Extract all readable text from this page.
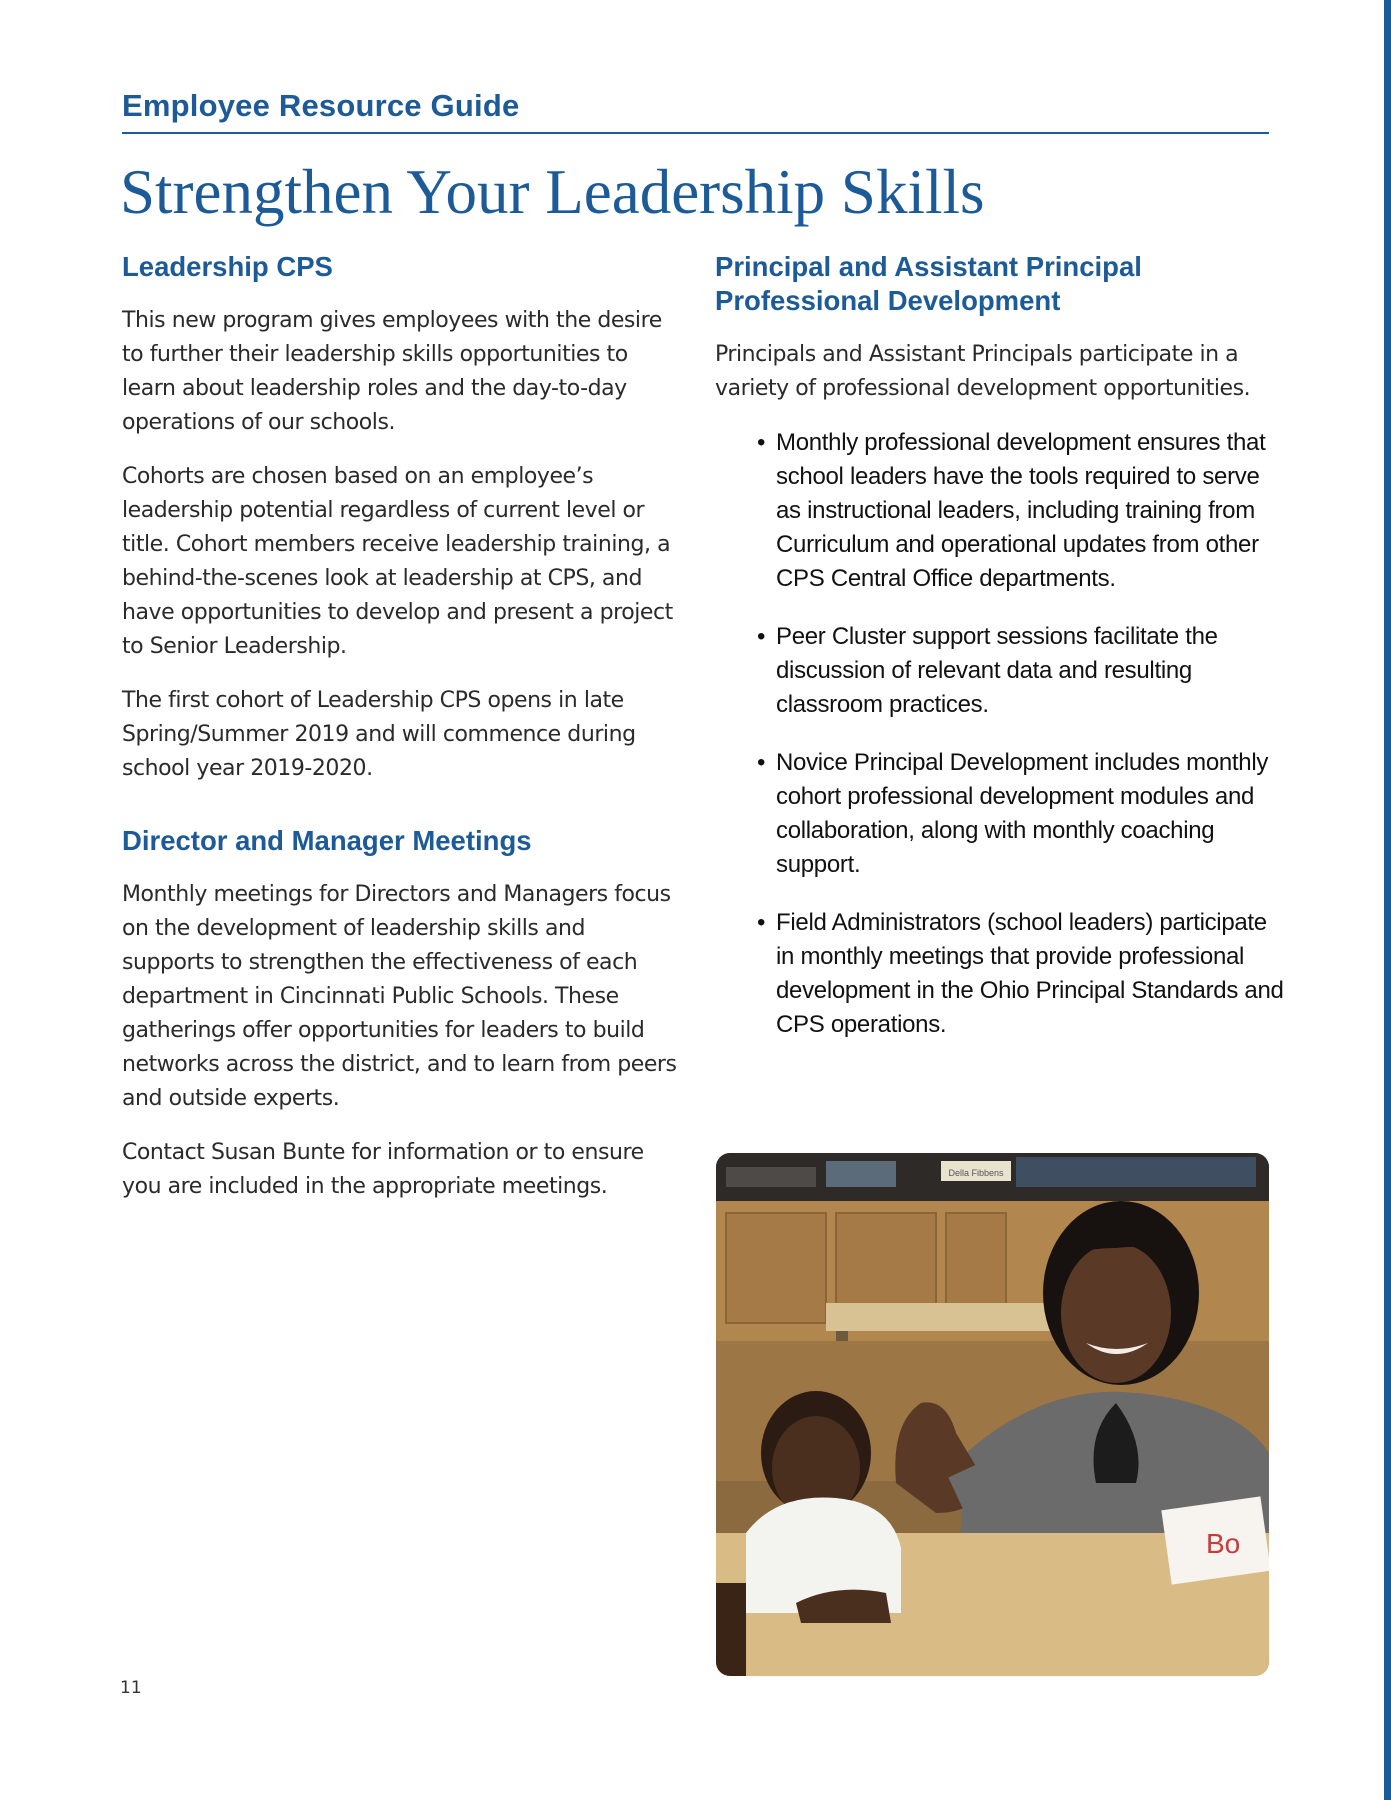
Employee Resource Guide
Strengthen Your Leadership Skills
Leadership CPS

This new program gives employees with the desire to further their leadership skills opportunities to learn about leadership roles and the day-to-day operations of our schools.

Cohorts are chosen based on an employee’s leadership potential regardless of current level or title. Cohort members receive leadership training, a behind-the-scenes look at leadership at CPS, and have opportunities to develop and present a project to Senior Leadership.

The first cohort of Leadership CPS opens in late Spring/Summer 2019 and will commence during school year 2019-2020.

Director and Manager Meetings

Monthly meetings for Directors and Managers focus on the development of leadership skills and supports to strengthen the effectiveness of each department in Cincinnati Public Schools. These gatherings offer opportunities for leaders to build networks across the district, and to learn from peers and outside experts.

Contact Susan Bunte for information or to ensure you are included in the appropriate meetings.

Principal and Assistant Principal Professional Development

Principals and Assistant Principals participate in a variety of professional development opportunities.

• Monthly professional development ensures that school leaders have the tools required to serve as instructional leaders, including training from Curriculum and operational updates from other CPS Central Office departments.
• Peer Cluster support sessions facilitate the discussion of relevant data and resulting classroom practices.
• Novice Principal Development includes monthly cohort professional development modules and collaboration, along with monthly coaching support.
• Field Administrators (school leaders) participate in monthly meetings that provide professional development in the Ohio Principal Standards and CPS operations.
Della Fibbens
Bo
11
